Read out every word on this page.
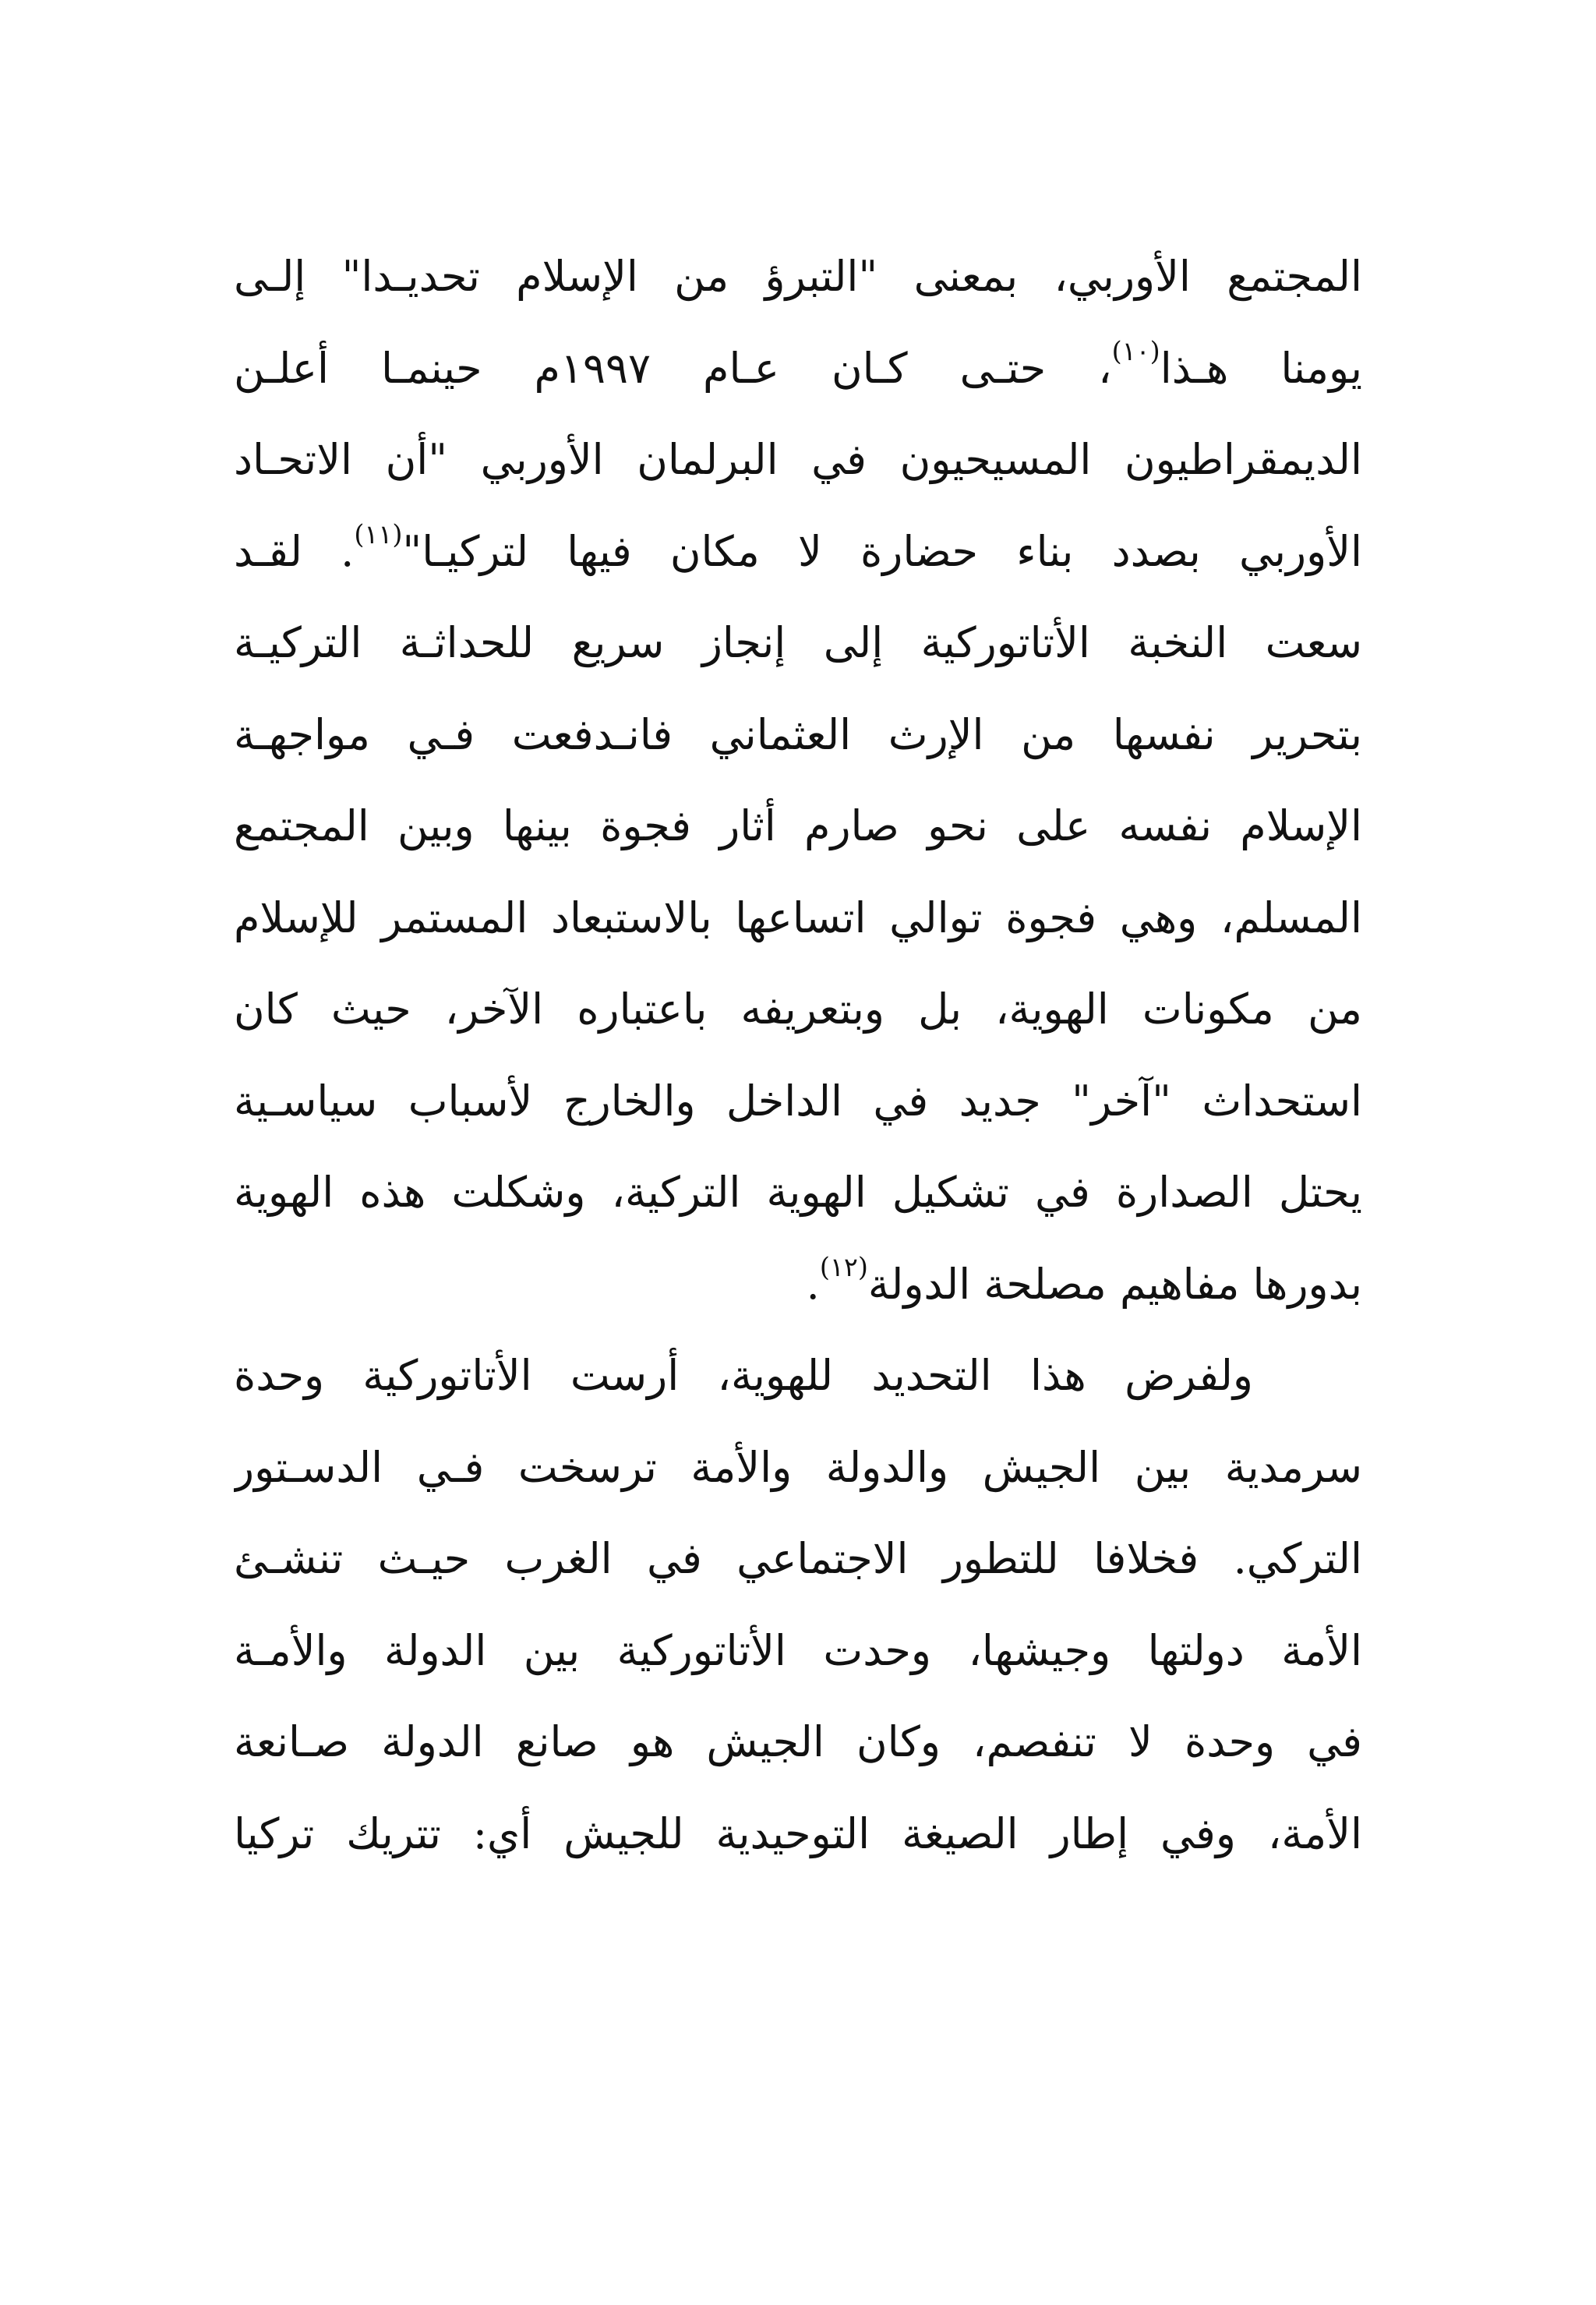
المجتمع الأوربي، بمعنى "التبرؤ من الإسلام تحديـدا" إلـى
يومنا هـذا$^{(١٠)}$، حتـى كـان عـام ١٩٩٧م حينمـا أعلـن
الديمقراطيون المسيحيون في البرلمان الأوربي "أن الاتحـاد
الأوربي بصدد بناء حضارة لا مكان فيها لتركيـا"$^{(١١)}$. لقـد
سعت النخبة الأتاتوركية إلى إنجاز سريع للحداثـة التركيـة
بتحرير نفسها من الإرث العثماني فانـدفعت فـي مواجهـة
الإسلام نفسه على نحو صارم أثار فجوة بينها وبين المجتمع
المسلم، وهي فجوة توالي اتساعها بالاستبعاد المستمر للإسلام
من مكونات الهوية، بل وبتعريفه باعتباره الآخر، حيث كان
استحداث "آخر" جديد في الداخل والخارج لأسباب سياسـية
يحتل الصدارة في تشكيل الهوية التركية، وشكلت هذه الهوية
بدورها مفاهيم مصلحة الدولة$^{(١٢)}$.
ولفرض هذا التحديد للهوية، أرست الأتاتوركية وحدة
سرمدية بين الجيش والدولة والأمة ترسخت فـي الدسـتور
التركي. فخلافا للتطور الاجتماعي في الغرب حيـث تنشـئ
الأمة دولتها وجيشها، وحدت الأتاتوركية بين الدولة والأمـة
في وحدة لا تنفصم، وكان الجيش هو صانع الدولة صـانعة
الأمة، وفي إطار الصيغة التوحيدية للجيش أي: تتريك تركيا
